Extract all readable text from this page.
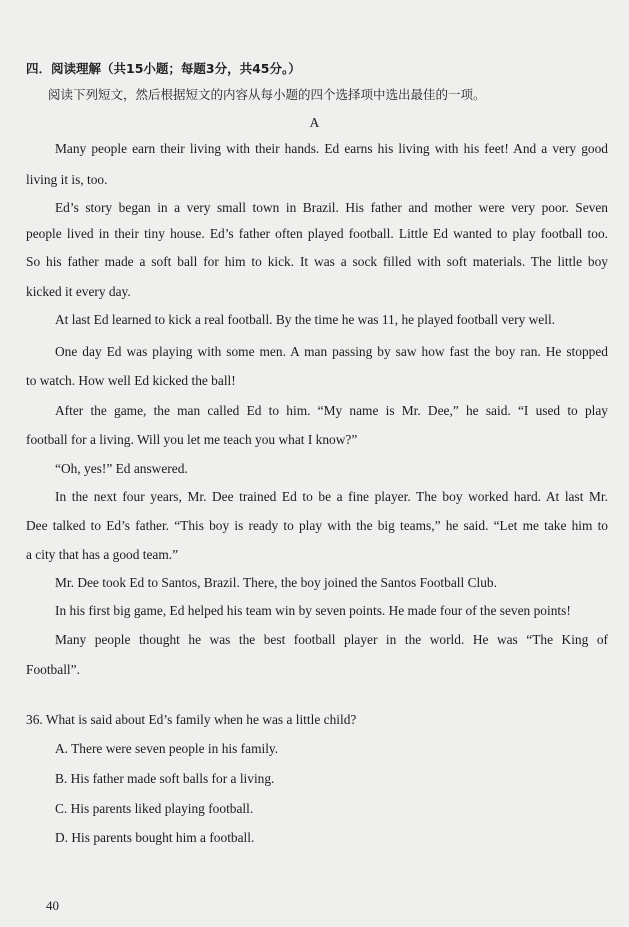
四．阅读理解（共15小题；每题3分，共45分。）
阅读下列短文，然后根据短文的内容从每小题的四个选择项中选出最佳的一项。
A
Many people earn their living with their hands. Ed earns his living with his feet! And a very good
living it is, too.
Ed’s story began in a very small town in Brazil. His father and mother were very poor. Seven
people lived in their tiny house. Ed’s father often played football. Little Ed wanted to play football too.
So his father made a soft ball for him to kick. It was a sock filled with soft materials. The little boy
kicked it every day.
At last Ed learned to kick a real football. By the time he was 11, he played football very well.
One day Ed was playing with some men. A man passing by saw how fast the boy ran. He stopped
to watch. How well Ed kicked the ball!
After the game, the man called Ed to him. “My name is Mr. Dee,” he said. “I used to play
football for a living. Will you let me teach you what I know?”
“Oh, yes!” Ed answered.
In the next four years, Mr. Dee trained Ed to be a fine player. The boy worked hard. At last Mr.
Dee talked to Ed’s father. “This boy is ready to play with the big teams,” he said. “Let me take him to
a city that has a good team.”
Mr. Dee took Ed to Santos, Brazil. There, the boy joined the Santos Football Club.
In his first big game, Ed helped his team win by seven points. He made four of the seven points!
Many people thought he was the best football player in the world. He was “The King of
Football”.
36. What is said about Ed’s family when he was a little child?
A. There were seven people in his family.
B. His father made soft balls for a living.
C. His parents liked playing football.
D. His parents bought him a football.
40
